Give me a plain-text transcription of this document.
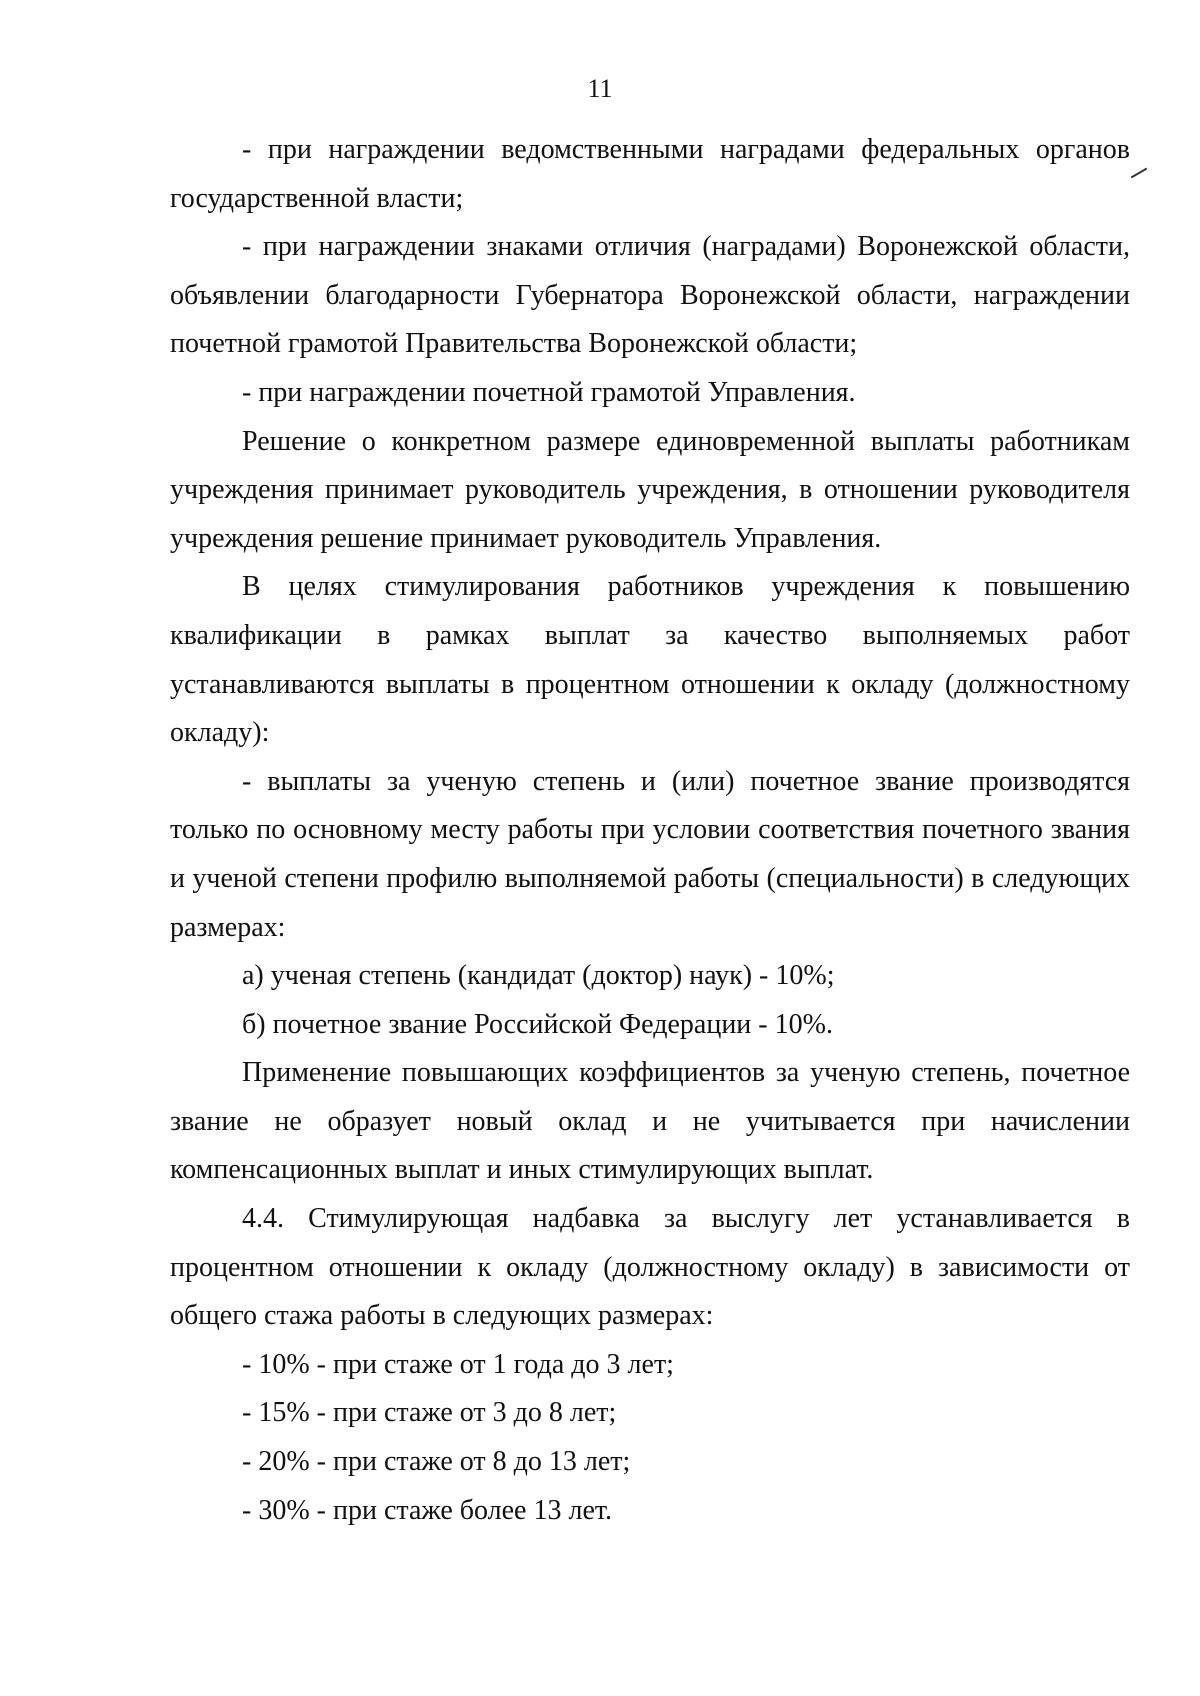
11

- при награждении ведомственными наградами федеральных органов государственной власти;

- при награждении знаками отличия (наградами) Воронежской области, объявлении благодарности Губернатора Воронежской области, награждении почетной грамотой Правительства Воронежской области;

- при награждении почетной грамотой Управления.

Решение о конкретном размере единовременной выплаты работникам учреждения принимает руководитель учреждения, в отношении руководителя учреждения решение принимает руководитель Управления.

В целях стимулирования работников учреждения к повышению квалификации в рамках выплат за качество выполняемых работ устанавливаются выплаты в процентном отношении к окладу (должностному окладу):

- выплаты за ученую степень и (или) почетное звание производятся только по основному месту работы при условии соответствия почетного звания и ученой степени профилю выполняемой работы (специальности) в следующих размерах:

а) ученая степень (кандидат (доктор) наук) - 10%;

б) почетное звание Российской Федерации - 10%.

Применение повышающих коэффициентов за ученую степень, почетное звание не образует новый оклад и не учитывается при начислении компенсационных выплат и иных стимулирующих выплат.

4.4. Стимулирующая надбавка за выслугу лет устанавливается в процентном отношении к окладу (должностному окладу) в зависимости от общего стажа работы в следующих размерах:

- 10% - при стаже от 1 года до 3 лет;

- 15% - при стаже от 3 до 8 лет;

- 20% - при стаже от 8 до 13 лет;

- 30% - при стаже более 13 лет.
